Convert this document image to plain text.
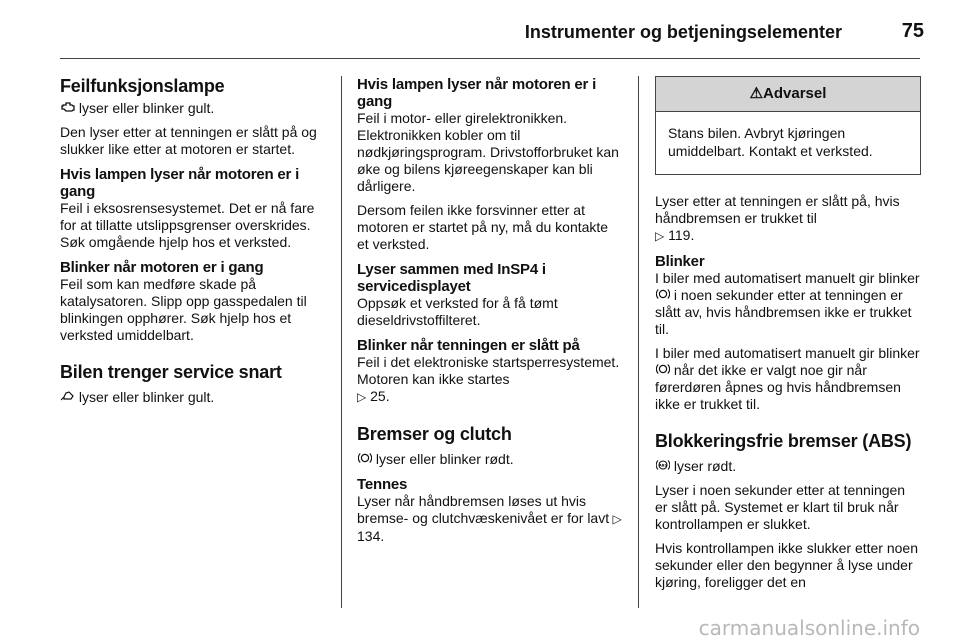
Instrumenter og betjeningselementer	75
Feilfunksjonslampe

lyser eller blinker gult.

Den lyser etter at tenningen er slått på og slukker like etter at motoren er startet.

Hvis lampen lyser når motoren er i gang

Feil i eksosrensesystemet. Det er nå fare for at tillatte utslippsgrenser overskrides. Søk omgående hjelp hos et verksted.

Blinker når motoren er i gang

Feil som kan medføre skade på katalysatoren. Slipp opp gasspedalen til blinkingen opphører. Søk hjelp hos et verksted umiddelbart.

Bilen trenger service snart

lyser eller blinker gult.

Hvis lampen lyser når motoren er i gang

Feil i motor- eller girelektronikken. Elektronikken kobler om til nødkjøringsprogram. Drivstofforbruket kan øke og bilens kjøreegenskaper kan bli dårligere.

Dersom feilen ikke forsvinner etter at motoren er startet på ny, må du kontakte et verksted.

Lyser sammen med InSP4 i servicedisplayet

Oppsøk et verksted for å få tømt dieseldrivstoffilteret.

Blinker når tenningen er slått på

Feil i det elektroniske startsperresystemet. Motoren kan ikke startes
▷ 25.

Bremser og clutch

lyser eller blinker rødt.

Tennes

Lyser når håndbremsen løses ut hvis bremse- og clutchvæskenivået er for lavt ▷ 134.

⚠Advarsel
Stans bilen. Avbryt kjøringen umiddelbart. Kontakt et verksted.

Lyser etter at tenningen er slått på, hvis håndbremsen er trukket til
▷ 119.

Blinker

I biler med automatisert manuelt gir blinker  i noen sekunder etter at tenningen er slått av, hvis håndbremsen ikke er trukket til.

I biler med automatisert manuelt gir blinker  når det ikke er valgt noe gir når førerdøren åpnes og hvis håndbremsen ikke er trukket til.

Blokkeringsfrie bremser (ABS)

ABS lyser rødt.

Lyser i noen sekunder etter at tenningen er slått på. Systemet er klart til bruk når kontrollampen er slukket.

Hvis kontrollampen ikke slukker etter noen sekunder eller den begynner å lyse under kjøring, foreligger det en

carmanualsonline.info
